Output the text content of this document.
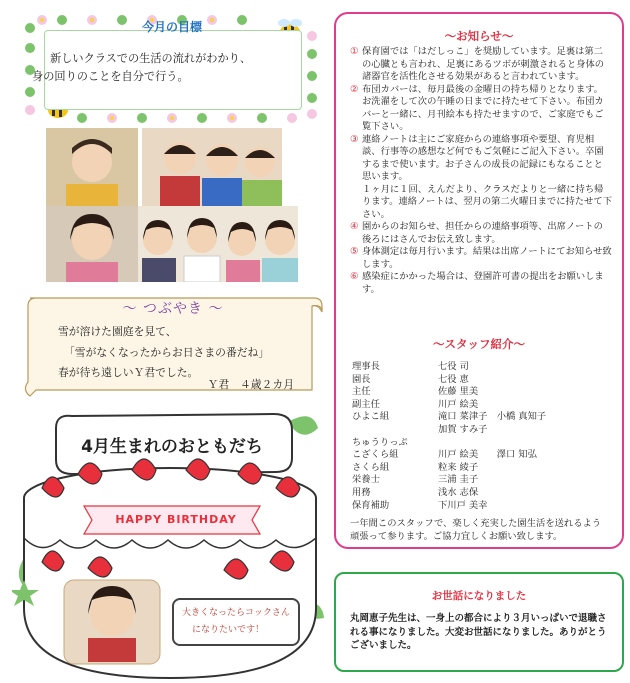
今月の目標
新しいクラスでの生活の流れがわかり、
身の回りのことを自分で行う。
～ つぶやき ～
雪が溶けた園庭を見て、
「雪がなくなったからお日さまの番だね」
春が待ち遠しいＹ君でした。
Ｙ君　４歳２カ月
4月生まれのおともだち
HAPPY BIRTHDAY
大きくなったらコックさん
になりたいです！
～お知らせ～
① 保育園では「はだしっこ」を奨励しています。足裏は第二の心臓とも言われ、足裏にあるツボが刺激されると身体の諸器官を活性化させる効果があると言われています。
② 布団カバーは、毎月最後の金曜日の持ち帰りとなります。お洗濯をして次の午睡の日までに持たせて下さい。布団カバーと一緒に、月刊絵本も持たせますので、ご家庭でもご覧下さい。
③ 連絡ノートは主にご家庭からの連絡事項や要望、育児相談、行事等の感想など何でもご気軽にご記入下さい。卒園するまで使います。お子さんの成長の記録にもなることと思います。
１ヶ月に１回、えんだより、クラスだよりと一緒に持ち帰ります。連絡ノートは、翌月の第二火曜日までに持たせて下さい。
④ 園からのお知らせ、担任からの連絡事項等、出席ノートの後ろにはさんでお伝え致します。
⑤ 身体測定は毎月行います。結果は出席ノートにてお知らせ致します。
⑥ 感染症にかかった場合は、登園許可書の提出をお願いします。
～スタッフ紹介～
理事長	七役 司
園長	七役 恵
主任	佐藤 里美
副主任	川戸 絵美
ひよこ組	滝口 菜津子　小橋 真知子
加賀 すみ子
ちゅうりっぷ
こざくら組	川戸 絵美　　澤口 知弘
さくら組	粒来 綾子
栄養士	三浦 圭子
用務	浅水 志保
保育補助	下川戸 美幸
一年間このスタッフで、楽しく充実した園生活を送れるよう頑張って参ります。ご協力宜しくお願い致します。
お世話になりました
丸岡恵子先生は、一身上の都合により３月いっぱいで退職される事になりました。大変お世話になりました。ありがとうございました。
